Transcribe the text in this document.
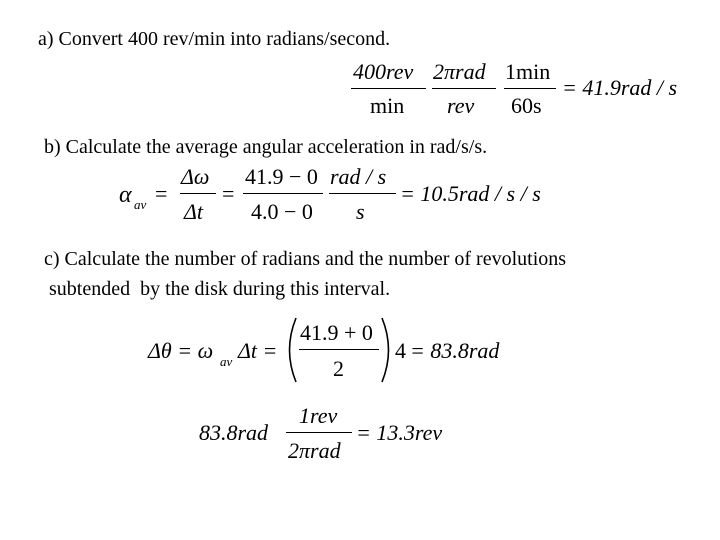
a) Convert 400 rev/min into radians/second.
b) Calculate the average angular acceleration in rad/s/s.
c) Calculate the number of radians and the number of revolutions
subtended  by the disk during this interval.
400rev
min
2πrad
rev
1min
60s
= 41.9rad / s
α av =
Δω
Δt
=
41.9 − 0
4.0 − 0
rad / s
s
= 10.5rad / s / s
Δθ = ω av Δt =
41.9 + 0
2
4 = 83.8rad
83.8rad
1rev
2πrad
= 13.3rev
